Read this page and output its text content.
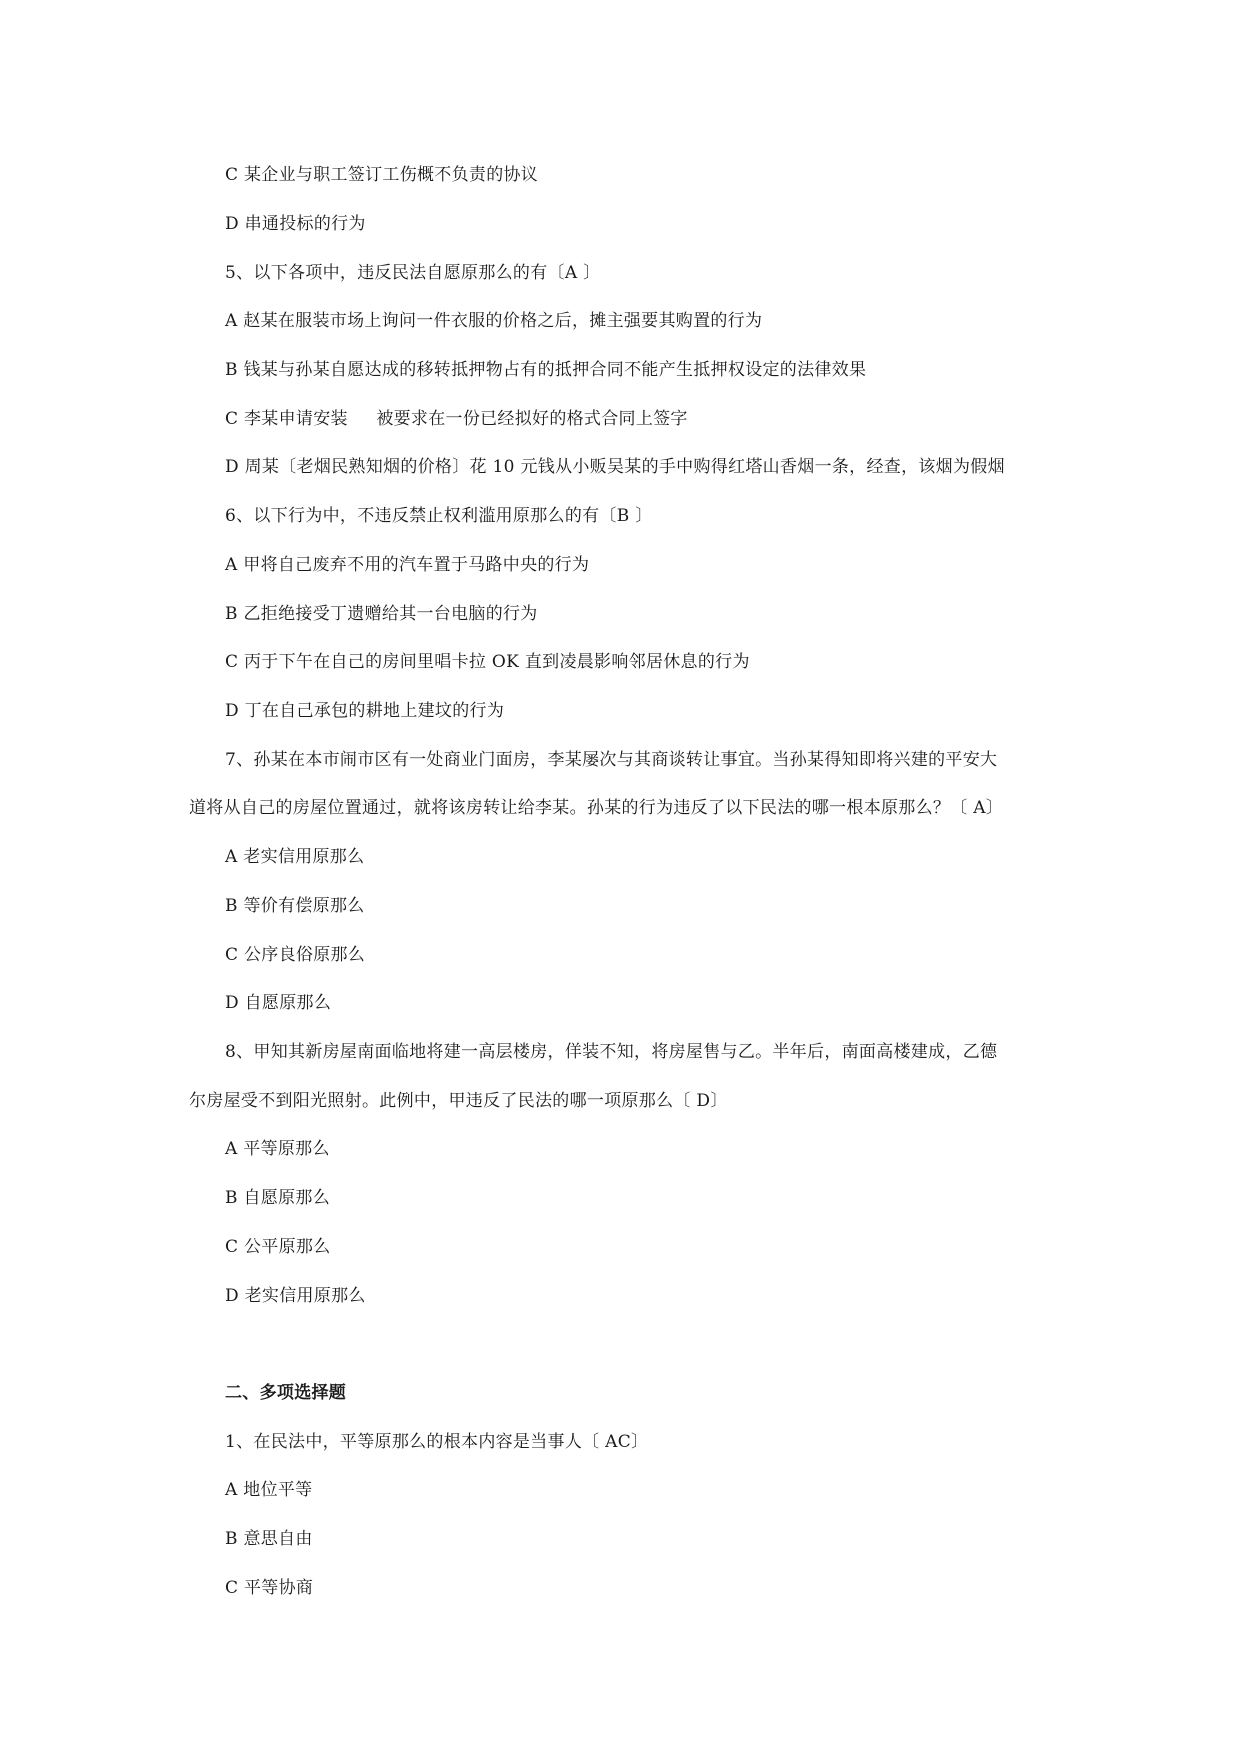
C 某企业与职工签订工伤概不负责的协议
D 串通投标的行为
5、以下各项中，违反民法自愿原那么的有〔A 〕
A 赵某在服装市场上询问一件衣服的价格之后，摊主强要其购置的行为
B 钱某与孙某自愿达成的移转抵押物占有的抵押合同不能产生抵押权设定的法律效果
C 李某申请安装     被要求在一份已经拟好的格式合同上签字
D 周某〔老烟民熟知烟的价格〕花 10 元钱从小贩吴某的手中购得红塔山香烟一条，经查，该烟为假烟
6、以下行为中，不违反禁止权利滥用原那么的有〔B 〕
A 甲将自己废弃不用的汽车置于马路中央的行为
B 乙拒绝接受丁遗赠给其一台电脑的行为
C 丙于下午在自己的房间里唱卡拉 OK 直到凌晨影响邻居休息的行为
D 丁在自己承包的耕地上建坟的行为
7、孙某在本市闹市区有一处商业门面房，李某屡次与其商谈转让事宜。当孙某得知即将兴建的平安大
道将从自己的房屋位置通过，就将该房转让给李某。孙某的行为违反了以下民法的哪一根本原那么？〔 A〕
A 老实信用原那么
B 等价有偿原那么
C 公序良俗原那么
D 自愿原那么
8、甲知其新房屋南面临地将建一高层楼房，佯装不知，将房屋售与乙。半年后，南面高楼建成，乙德
尔房屋受不到阳光照射。此例中，甲违反了民法的哪一项原那么〔 D〕
A 平等原那么
B 自愿原那么
C 公平原那么
D 老实信用原那么
二、多项选择题
1、在民法中，平等原那么的根本内容是当事人〔 AC〕
A 地位平等
B 意思自由
C 平等协商
